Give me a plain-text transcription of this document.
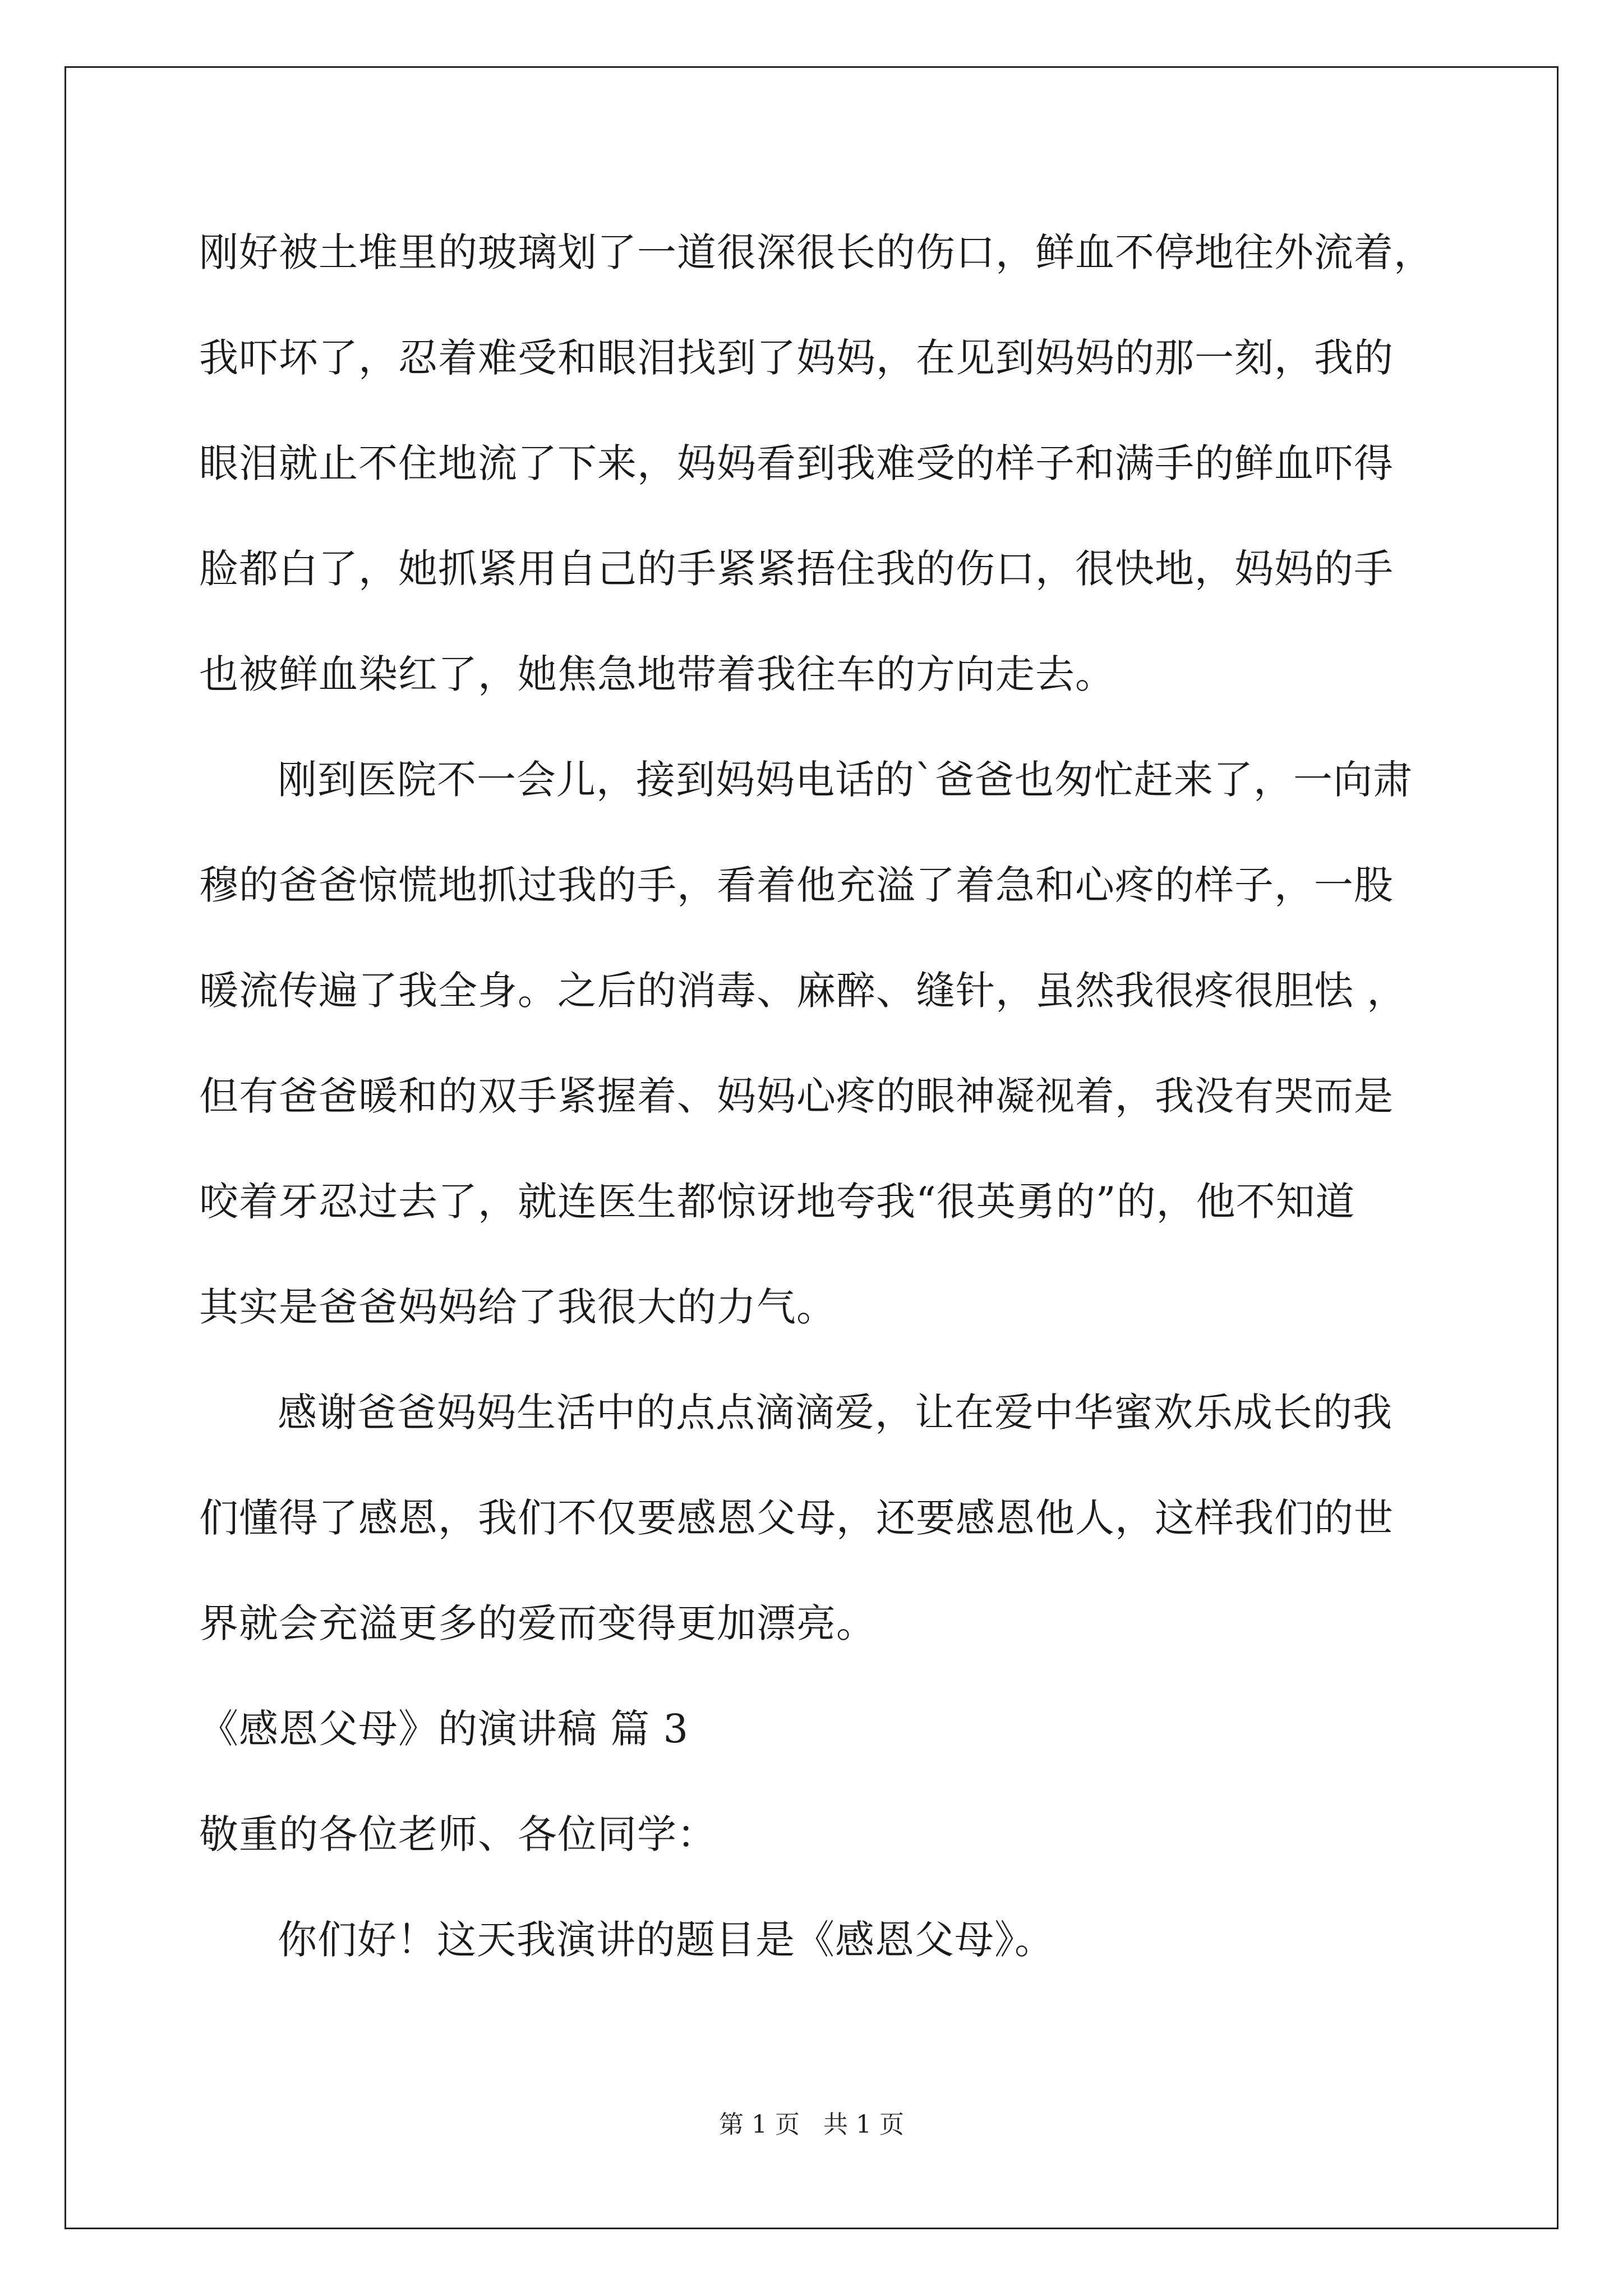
刚好被土堆里的玻璃划了一道很深很长的伤口，鲜血不停地往外流着，
我吓坏了，忍着难受和眼泪找到了妈妈，在见到妈妈的那一刻，我的
眼泪就止不住地流了下来，妈妈看到我难受的样子和满手的鲜血吓得
脸都白了，她抓紧用自己的手紧紧捂住我的伤口，很快地，妈妈的手
也被鲜血染红了，她焦急地带着我往车的方向走去。
刚到医院不一会儿，接到妈妈电话的`爸爸也匆忙赶来了，一向肃
穆的爸爸惊慌地抓过我的手，看着他充溢了着急和心疼的样子，一股
暖流传遍了我全身。之后的消毒、麻醉、缝针，虽然我很疼很胆怯 ，
但有爸爸暖和的双手紧握着、妈妈心疼的眼神凝视着，我没有哭而是
咬着牙忍过去了，就连医生都惊讶地夸我“很英勇的”的，他不知道
其实是爸爸妈妈给了我很大的力气。
感谢爸爸妈妈生活中的点点滴滴爱，让在爱中华蜜欢乐成长的我
们懂得了感恩，我们不仅要感恩父母，还要感恩他人，这样我们的世
界就会充溢更多的爱而变得更加漂亮。
《感恩父母》的演讲稿 篇 3
敬重的各位老师、各位同学：
你们好！这天我演讲的题目是《感恩父母》。
第 1 页 共 1 页
